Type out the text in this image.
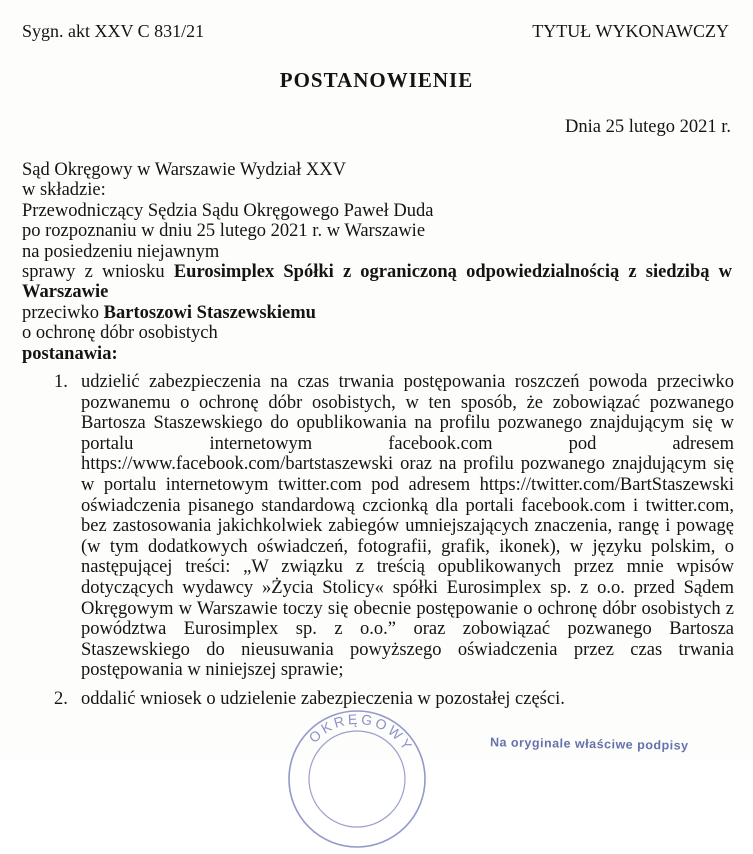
Sygn. akt XXV C 831/21	TYTUŁ WYKONAWCZY
POSTANOWIENIE
Dnia 25 lutego 2021 r.
Sąd Okręgowy w Warszawie Wydział XXV
w składzie:
Przewodniczący Sędzia Sądu Okręgowego Paweł Duda
po rozpoznaniu w dniu 25 lutego 2021 r. w Warszawie
na posiedzeniu niejawnym
sprawy z wniosku Eurosimplex Spółki z ograniczoną odpowiedzialnością z siedzibą w Warszawie
przeciwko Bartoszowi Staszewskiemu
o ochronę dóbr osobistych
postanawia:
1. udzielić zabezpieczenia na czas trwania postępowania roszczeń powoda przeciwko pozwanemu o ochronę dóbr osobistych, w ten sposób, że zobowiązać pozwanego Bartosza Staszewskiego do opublikowania na profilu pozwanego znajdującym się w portalu internetowym facebook.com pod adresem https://www.facebook.com/bartstaszewski oraz na profilu pozwanego znajdującym się w portalu internetowym twitter.com pod adresem https://twitter.com/BartStaszewski oświadczenia pisanego standardową czcionką dla portali facebook.com i twitter.com, bez zastosowania jakichkolwiek zabiegów umniejszających znaczenia, rangę i powagę (w tym dodatkowych oświadczeń, fotografii, grafik, ikonek), w języku polskim, o następującej treści: „W związku z treścią opublikowanych przez mnie wpisów dotyczących wydawcy »Życia Stolicy« spółki Eurosimplex sp. z o.o. przed Sądem Okręgowym w Warszawie toczy się obecnie postępowanie o ochronę dóbr osobistych z powództwa Eurosimplex sp. z o.o.” oraz zobowiązać pozwanego Bartosza Staszewskiego do nieusuwania powyższego oświadczenia przez czas trwania postępowania w niniejszej sprawie;
2. oddalić wniosek o udzielenie zabezpieczenia w pozostałej części.
OKRĘGOWY	Na oryginale właściwe podpisy
